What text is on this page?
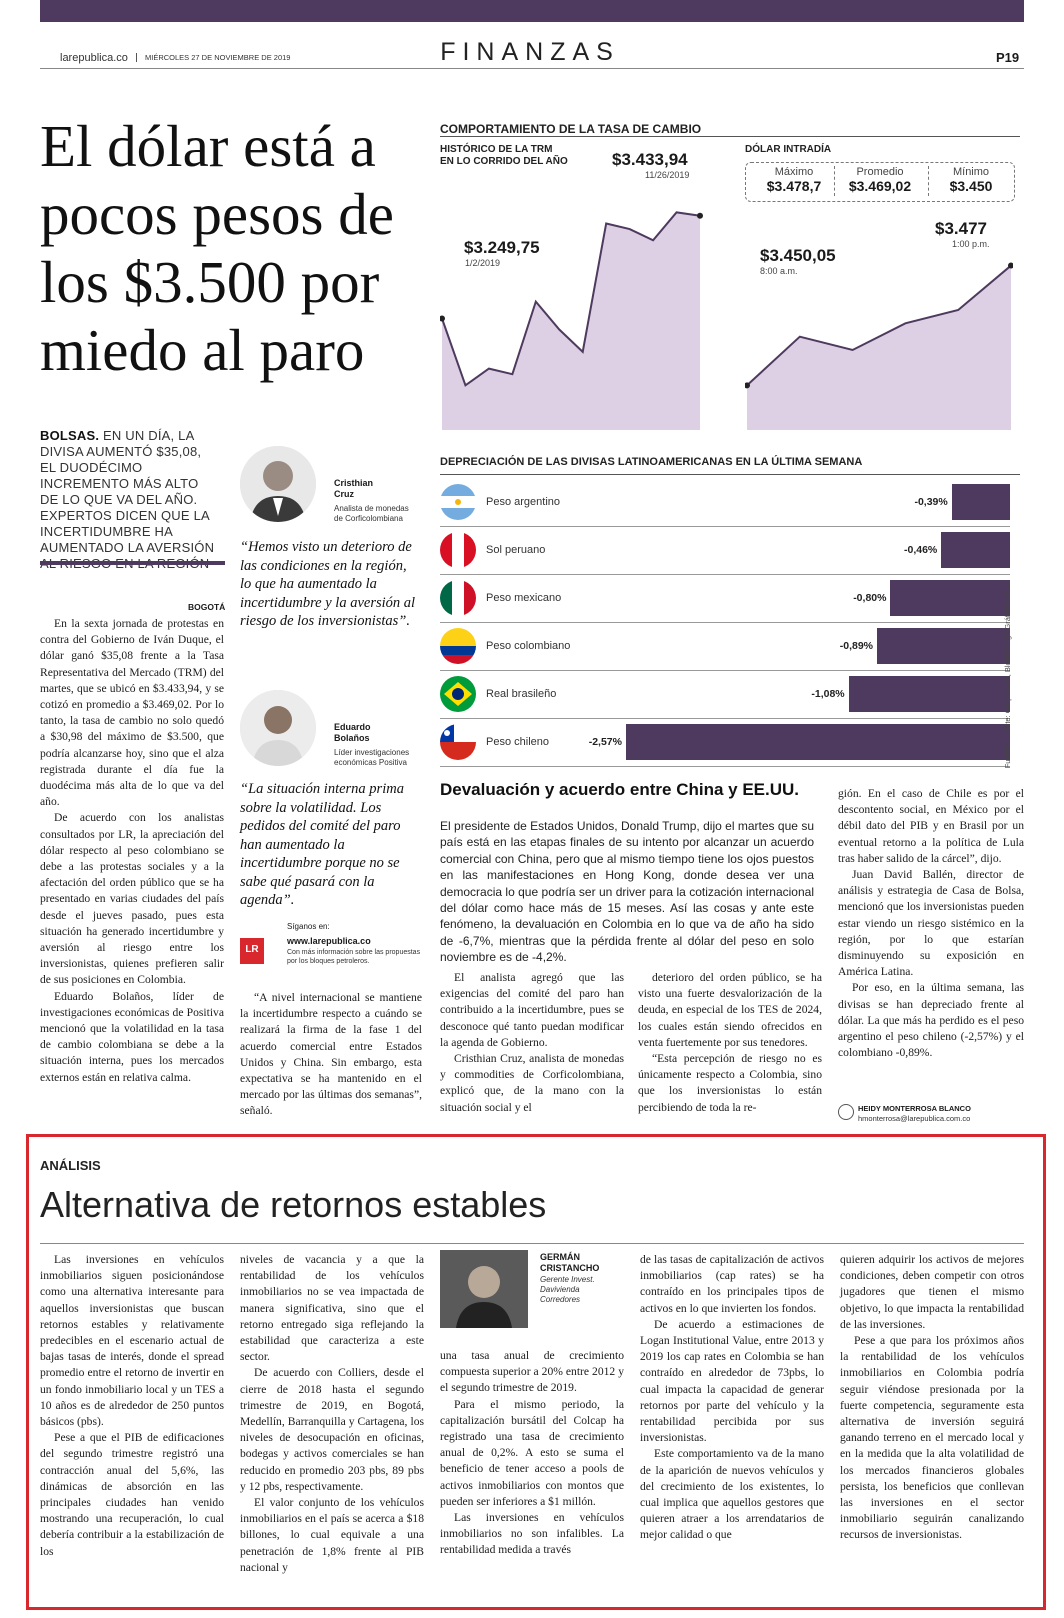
larepublica.co	MIÉRCOLES 27 DE NOVIEMBRE DE 2019	FINANZAS	P19
El dólar está a pocos pesos de los $3.500 por miedo al paro
COMPORTAMIENTO DE LA TASA DE CAMBIO
HISTÓRICO DE LA TRM
EN LO CORRIDO DEL AÑO
DÓLAR INTRADÍA
Máximo
$3.478,7
Promedio
$3.469,02
Mínimo
$3.450
$3.249,75
1/2/2019
$3.433,94
11/26/2019
$3.450,05
8:00 a.m.
$3.477
1:00 p.m.
DEPRECIACIÓN DE LAS DIVISAS LATINOAMERICANAS EN LA ÚLTIMA SEMANA
Peso argentino	-0,39%
Sol peruano	-0,46%
Peso mexicano	-0,80%
Peso colombiano	-0,89%
Real brasileño	-1,08%
Peso chileno	-2,57%	Fuente: Fuente: Grupo Aval, Bloomberg / Gráfico: LR-AL
BOLSAS. EN UN DÍA, LA DIVISA AUMENTÓ $35,08, EL DUODÉCIMO INCREMENTO MÁS ALTO DE LO QUE VA DEL AÑO. EXPERTOS DICEN QUE LA INCERTIDUMBRE HA AUMENTADO LA AVERSIÓN
Cristhian
Cruz
Analista de monedas
de Corficolombiana
“Hemos visto un deterioro de las condiciones en la región, lo que ha aumentado la incertidumbre y la aversión al riesgo de los inversionistas”.
Eduardo
Bolaños
Líder investigaciones
económicas Positiva
“La situación interna prima sobre la volatilidad. Los pedidos del comité del paro han aumentado la incertidumbre porque no se sabe qué pasará con la agenda”.
Síganos en:
LR
www.larepublica.co
Con más información sobre las propuestas por los bloques petroleros.
BOGOTÁ

En la sexta jornada de protestas en contra del Gobierno de Iván Duque, el dólar ganó $35,08 frente a la Tasa Representativa del Mercado (TRM) del martes, que se ubicó en $3.433,94, y se cotizó en promedio a $3.469,02. Por lo tanto, la tasa de cambio no solo quedó a $30,98 del máximo de $3.500, que podría alcanzarse hoy, sino que el alza registrada durante el día fue la duodécima más alta de lo que va del año.

De acuerdo con los analistas consultados por LR, la apreciación del dólar respecto al peso colombiano se debe a las protestas sociales y a la afectación del orden público que se ha presentado en varias ciudades del país desde el jueves pasado, pues esta situación ha generado incertidumbre y aversión al riesgo entre los inversionistas, quienes prefieren salir de sus posiciones en Colombia.

Eduardo Bolaños, líder de investigaciones económicas de Positiva mencionó que la volatilidad en la tasa de cambio colombiana se debe a la situación interna, pues los mercados externos están en relativa calma.

“A nivel internacional se mantiene la incertidumbre respecto a cuándo se realizará la firma de la fase 1 del acuerdo comercial entre Estados Unidos y China. Sin embargo, esta expectativa se ha mantenido en el mercado por las últimas dos semanas”, señaló.

Devaluación y acuerdo entre China y EE.UU.
El presidente de Estados Unidos, Donald Trump, dijo el martes que su país está en las etapas finales de su intento por alcanzar un acuerdo comercial con China, pero que al mismo tiempo tiene los ojos puestos en las manifestaciones en Hong Kong, donde desea ver una democracia lo que podría ser un driver para la cotización internacional del dólar como hace más de 15 meses. Así las cosas y ante este fenómeno, la devaluación en Colombia en lo que va de año ha sido de -6,7%, mientras que la pérdida frente al dólar del peso en solo noviembre es de -4,2%.

El analista agregó que las exigencias del comité del paro han contribuido a la incertidumbre, pues se desconoce qué tanto puedan modificar la agenda de Gobierno.

Cristhian Cruz, analista de monedas y commodities de Corficolombiana, explicó que, de la mano con la situación social y el

deterioro del orden público, se ha visto una fuerte desvalorización de la deuda, en especial de los TES de 2024, los cuales están siendo ofrecidos en venta fuertemente por sus tenedores.

“Esta percepción de riesgo no es únicamente respecto a Colombia, sino que los inversionistas lo están percibiendo de toda la re-

gión. En el caso de Chile es por el descontento social, en México por el débil dato del PIB y en Brasil por un eventual retorno a la política de Lula tras haber salido de la cárcel”, dijo.

Juan David Ballén, director de análisis y estrategia de Casa de Bolsa, mencionó que los inversionistas pueden estar viendo un riesgo sistémico en la región, por lo que estarían disminuyendo su exposición en América Latina.

Por eso, en la última semana, las divisas se han depreciado frente al dólar. La que más ha perdido es el peso argentino el peso chileno (-2,57%) y el colombiano -0,89%.

HEIDY MONTERROSA BLANCO
hmonterrosa@larepublica.com.co
ANÁLISIS
Alternativa de retornos estables

Las inversiones en vehículos inmobiliarios siguen posicionándose como una alternativa interesante para aquellos inversionistas que buscan retornos estables y relativamente predecibles en el escenario actual de bajas tasas de interés, donde el spread promedio entre el retorno de invertir en un fondo inmobiliario local y un TES a 10 años es de alrededor de 250 puntos básicos (pbs).

Pese a que el PIB de edificaciones del segundo trimestre registró una contracción anual del 5,6%, las dinámicas de absorción en las principales ciudades han venido mostrando una recuperación, lo cual debería contribuir a la estabilización de los

niveles de vacancia y a que la rentabilidad de los vehículos inmobiliarios no se vea impactada de manera significativa, sino que el retorno entregado siga reflejando la estabilidad que caracteriza a este sector.

De acuerdo con Colliers, desde el cierre de 2018 hasta el segundo trimestre de 2019, en Bogotá, Medellín, Barranquilla y Cartagena, los niveles de desocupación en oficinas, bodegas y activos comerciales se han reducido en promedio 203 pbs, 89 pbs y 12 pbs, respectivamente.

El valor conjunto de los vehículos inmobiliarios en el país se acerca a $18 billones, lo cual equivale a una penetración de 1,8% frente al PIB nacional y

GERMÁN
CRISTANCHO
Gerente Invest.
Davivienda
Corredores

una tasa anual de crecimiento compuesta superior a 20% entre 2012 y el segundo trimestre de 2019.

Para el mismo periodo, la capitalización bursátil del Colcap ha registrado una tasa de crecimiento anual de 0,2%. A esto se suma el beneficio de tener acceso a pools de activos inmobiliarios con montos que pueden ser inferiores a $1 millón.

Las inversiones en vehículos inmobiliarios no son infalibles. La rentabilidad medida a través

de las tasas de capitalización de activos inmobiliarios (cap rates) se ha contraído en los principales tipos de activos en lo que invierten los fondos.

De acuerdo a estimaciones de Logan Institutional Value, entre 2013 y 2019 los cap rates en Colombia se han contraído en alrededor de 73pbs, lo cual impacta la capacidad de generar retornos por parte del vehículo y la rentabilidad percibida por sus inversionistas.

Este comportamiento va de la mano de la aparición de nuevos vehículos y del crecimiento de los existentes, lo cual implica que aquellos gestores que quieren atraer a los arrendatarios de mejor calidad o que

quieren adquirir los activos de mejores condiciones, deben competir con otros jugadores que tienen el mismo objetivo, lo que impacta la rentabilidad de las inversiones.

Pese a que para los próximos años la rentabilidad de los vehículos inmobiliarios en Colombia podría seguir viéndose presionada por la fuerte competencia, seguramente esta alternativa de inversión seguirá ganando terreno en el mercado local y en la medida que la alta volatilidad de los mercados financieros globales persista, los beneficios que conllevan las inversiones en el sector inmobiliario seguirán canalizando recursos de inversionistas.
